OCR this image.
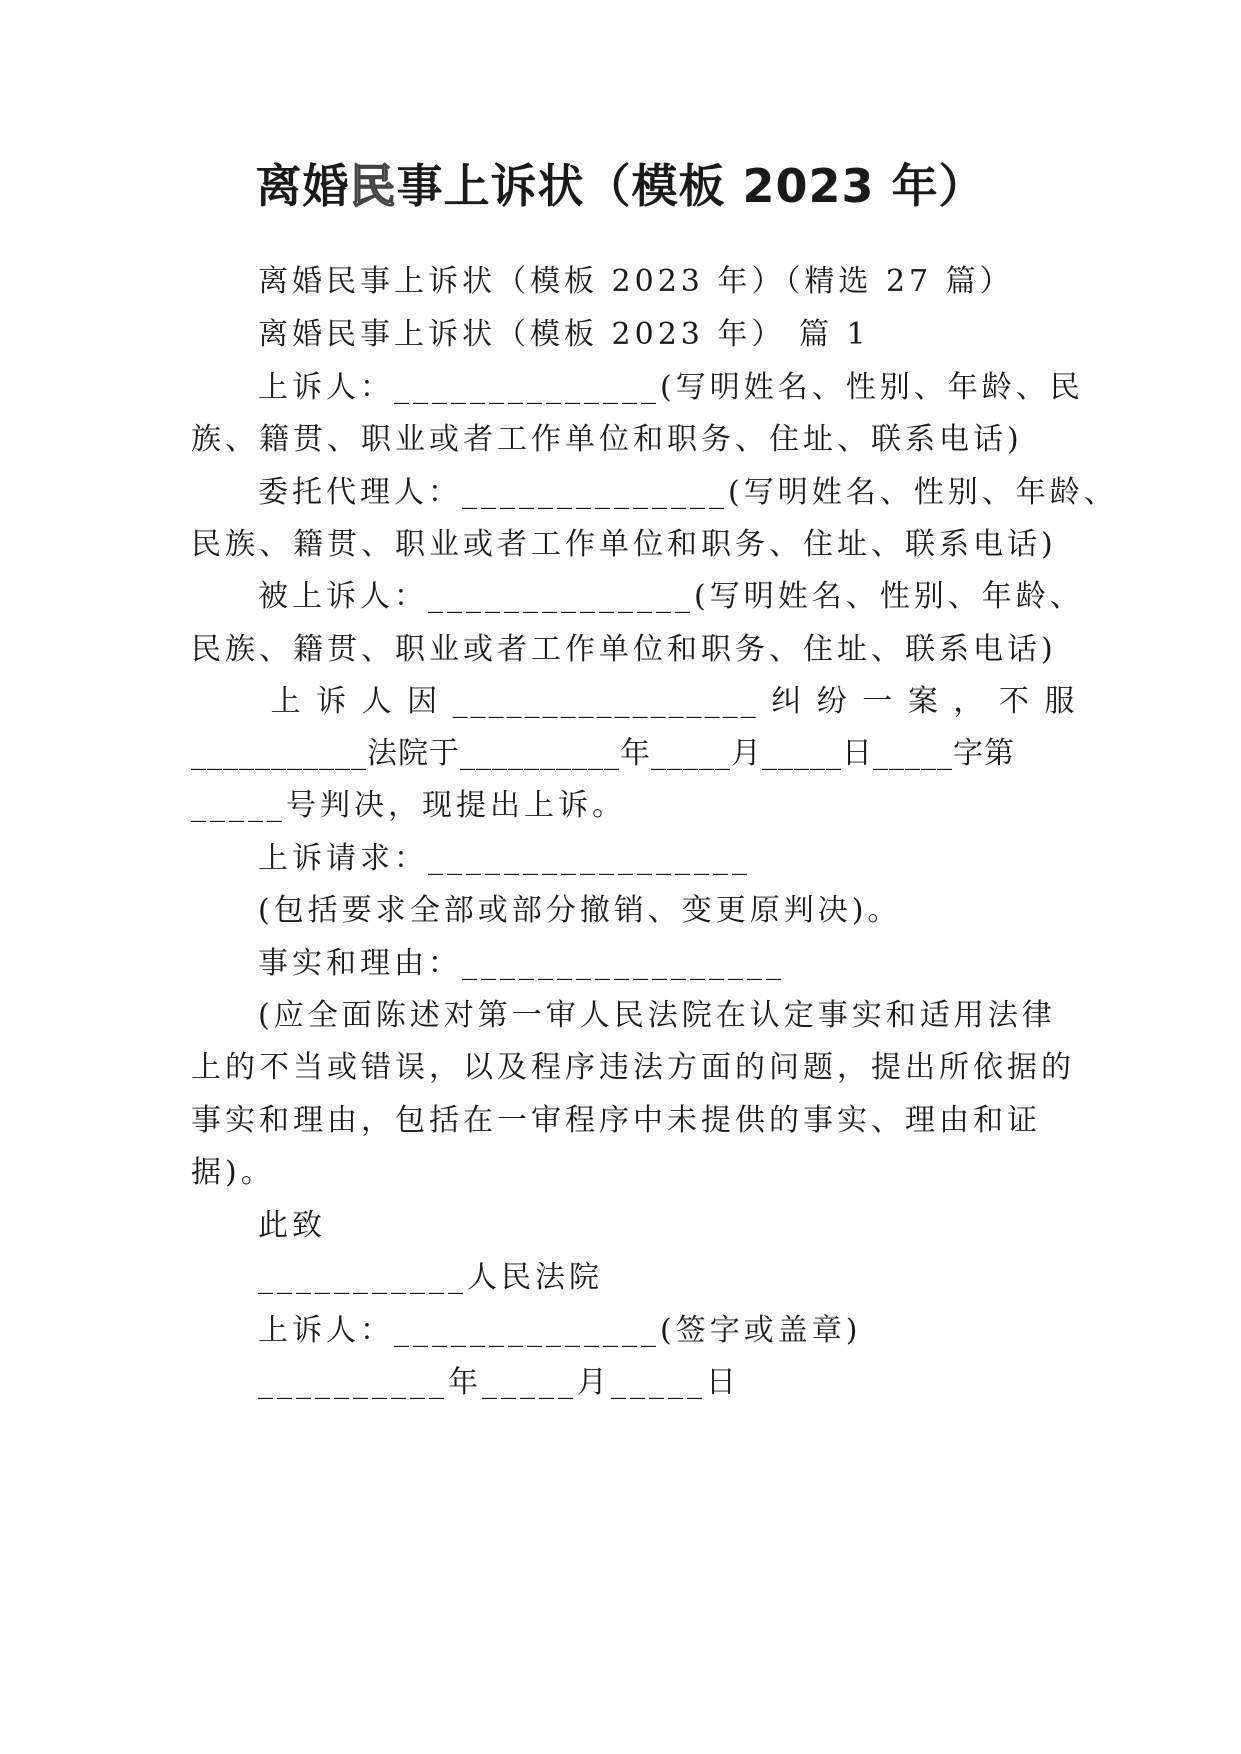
离婚民事上诉状（模板 2023 年）
离婚民事上诉状（模板 2023 年）（精选 27 篇）
离婚民事上诉状（模板 2023 年） 篇 1
上诉人：______________(写明姓名、性别、年龄、民
族、籍贯、职业或者工作单位和职务、住址、联系电话)
委托代理人：______________(写明姓名、性别、年龄、
民族、籍贯、职业或者工作单位和职务、住址、联系电话)
被上诉人：______________(写明姓名、性别、年龄、
民族、籍贯、职业或者工作单位和职务、住址、联系电话)
上 诉 人 因 _________________ 纠 纷 一 案 ， 不 服
___________法院于__________年_____月_____日_____字第
_____号判决，现提出上诉。
上诉请求：_________________
(包括要求全部或部分撤销、变更原判决)。
事实和理由：_________________
(应全面陈述对第一审人民法院在认定事实和适用法律
上的不当或错误，以及程序违法方面的问题，提出所依据的
事实和理由，包括在一审程序中未提供的事实、理由和证
据)。
此致
___________人民法院
上诉人：______________(签字或盖章)
__________年_____月_____日
